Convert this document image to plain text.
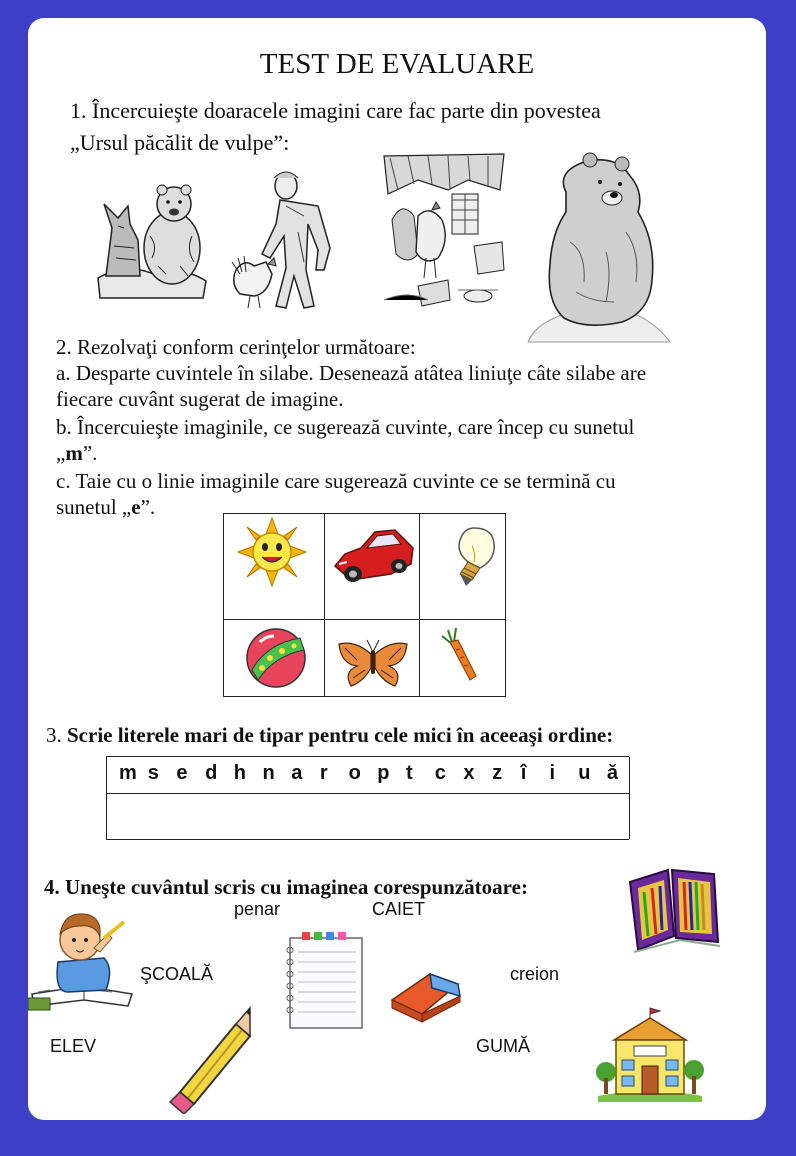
TEST DE EVALUARE
1. Încercuieşte doaracele imagini care fac parte din povestea
„Ursul păcălit de vulpe”:
2. Rezolvaţi conform cerinţelor următoare:
a. Desparte cuvintele în silabe. Desenează atâtea liniuţe câte silabe are
fiecare cuvânt sugerat de imagine.
b. Încercuieşte imaginile, ce sugerează cuvinte, care încep cu sunetul
„m”.
c. Taie cu o linie imaginile care sugerează cuvinte ce se termină cu
sunetul „e”.
3. Scrie literele mari de tipar pentru cele mici în aceeaşi ordine:
m s e d h n a r o p t c x z î i u ă
4. Uneşte cuvântul scris cu imaginea corespunzătoare:
penar	CAIET
ŞCOALĂ	creion
ELEV	GUMĂ
